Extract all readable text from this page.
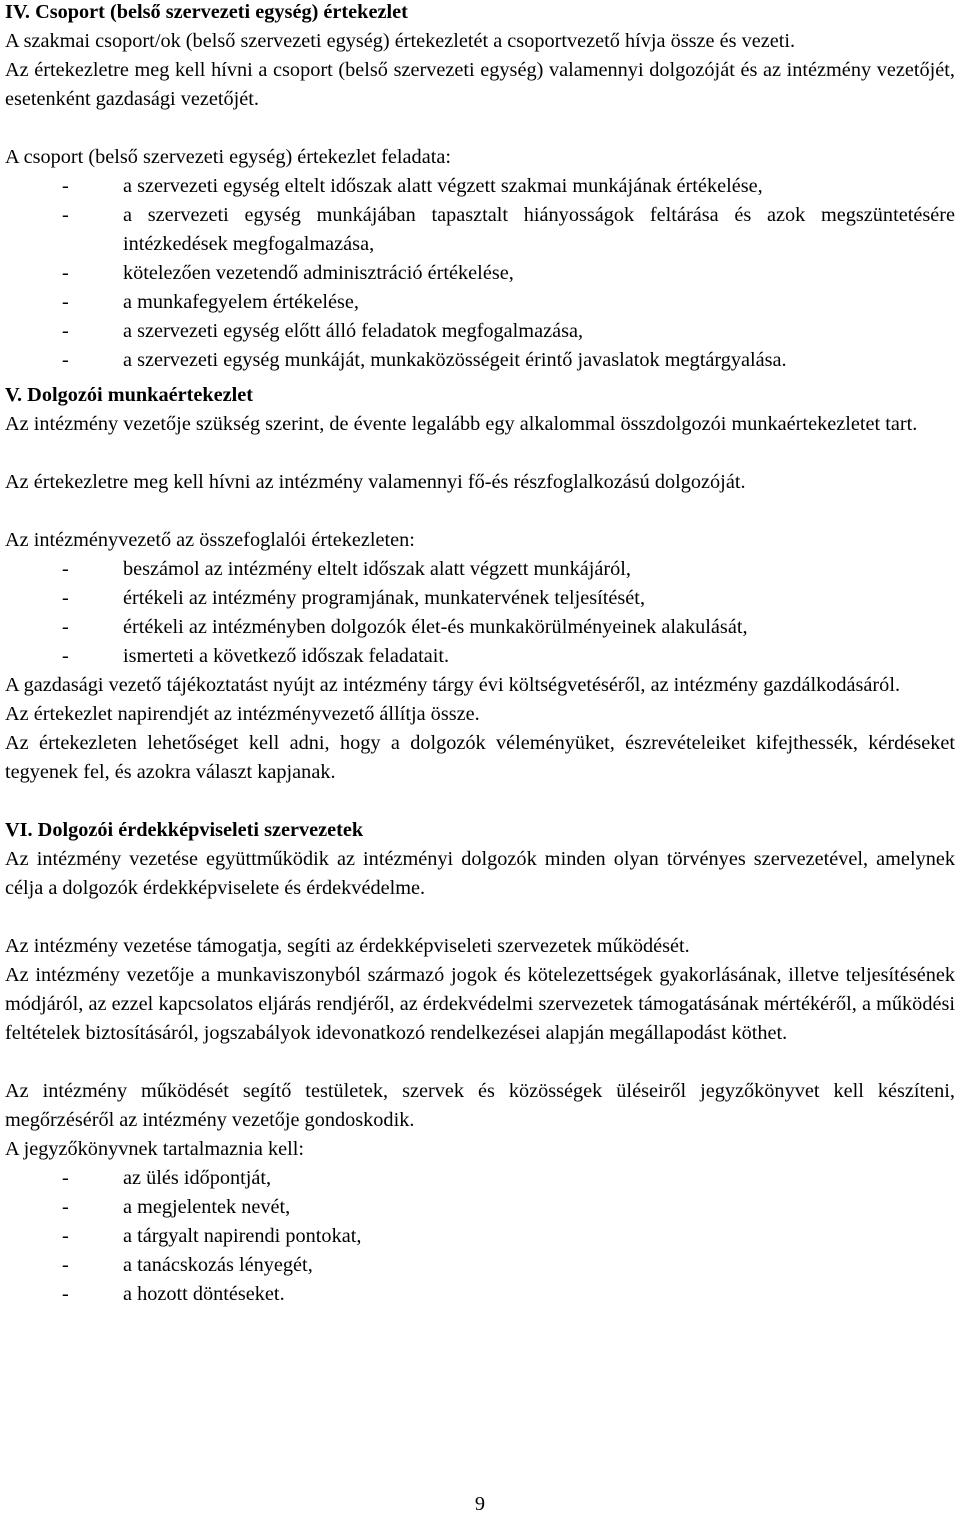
IV. Csoport (belső szervezeti egység) értekezlet

A szakmai csoport/ok (belső szervezeti egység) értekezletét a csoportvezető hívja össze és vezeti.

Az értekezletre meg kell hívni a csoport (belső szervezeti egység) valamennyi dolgozóját és az intézmény vezetőjét, esetenként gazdasági vezetőjét.

A csoport (belső szervezeti egység) értekezlet feladata:

-	a szervezeti egység eltelt időszak alatt végzett szakmai munkájának értékelése,
-	a szervezeti egység munkájában tapasztalt hiányosságok feltárása és azok megszüntetésére intézkedések megfogalmazása,
-	kötelezően vezetendő adminisztráció értékelése,
-	a munkafegyelem értékelése,
-	a szervezeti egység előtt álló feladatok megfogalmazása,
-	a szervezeti egység munkáját, munkaközösségeit érintő javaslatok megtárgyalása.
V. Dolgozói munkaértekezlet

Az intézmény vezetője szükség szerint, de évente legalább egy alkalommal összdolgozói munkaértekezletet tart.

Az értekezletre meg kell hívni az intézmény valamennyi fő-és részfoglalkozású dolgozóját.

Az intézményvezető az összefoglalói értekezleten:

-	beszámol az intézmény eltelt időszak alatt végzett munkájáról,
-	értékeli az intézmény programjának, munkatervének teljesítését,
-	értékeli az intézményben dolgozók élet-és munkakörülményeinek alakulását,
-	ismerteti a következő időszak feladatait.

A gazdasági vezető tájékoztatást nyújt az intézmény tárgy évi költségvetéséről, az intézmény gazdálkodásáról.

Az értekezlet napirendjét az intézményvezető állítja össze.

Az értekezleten lehetőséget kell adni, hogy a dolgozók véleményüket, észrevételeiket kifejthessék, kérdéseket tegyenek fel, és azokra választ kapjanak.

VI. Dolgozói érdekképviseleti szervezetek

Az intézmény vezetése együttműködik az intézményi dolgozók minden olyan törvényes szervezetével, amelynek célja a dolgozók érdekképviselete és érdekvédelme.

Az intézmény vezetése támogatja, segíti az érdekképviseleti szervezetek működését.

Az intézmény vezetője a munkaviszonyból származó jogok és kötelezettségek gyakorlásának, illetve teljesítésének módjáról, az ezzel kapcsolatos eljárás rendjéről, az érdekvédelmi szervezetek támogatásának mértékéről, a működési feltételek biztosításáról, jogszabályok idevonatkozó rendelkezései alapján megállapodást köthet.

Az intézmény működését segítő testületek, szervek és közösségek üléseiről jegyzőkönyvet kell készíteni, megőrzéséről az intézmény vezetője gondoskodik.

A jegyzőkönyvnek tartalmaznia kell:

-	az ülés időpontját,
-	a megjelentek nevét,
-	a tárgyalt napirendi pontokat,
-	a tanácskozás lényegét,
-	a hozott döntéseket.
9
